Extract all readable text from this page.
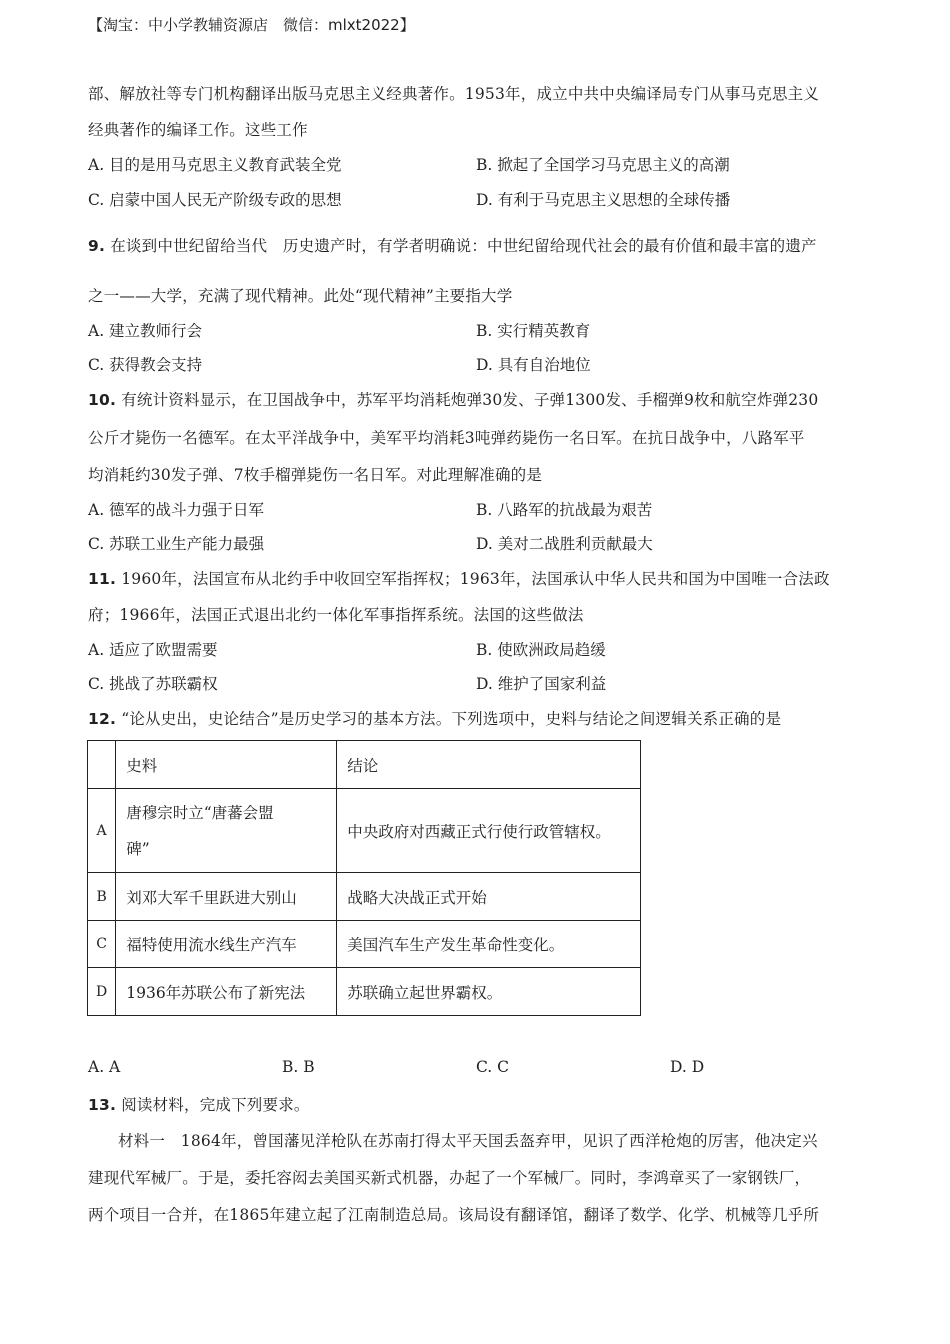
【淘宝：中小学教辅资源店　微信：mlxt2022】
部、解放社等专门机构翻译出版马克思主义经典著作。1953年，成立中共中央编译局专门从事马克思主义
经典著作的编译工作。这些工作
A. 目的是用马克思主义教育武装全党	B. 掀起了全国学习马克思主义的高潮
C. 启蒙中国人民无产阶级专政的思想	D. 有利于马克思主义思想的全球传播
9. 在谈到中世纪留给当代　历史遗产时，有学者明确说：中世纪留给现代社会的最有价值和最丰富的遗产
之一——大学，充满了现代精神。此处“现代精神”主要指大学
A. 建立教师行会	B. 实行精英教育
C. 获得教会支持	D. 具有自治地位
10. 有统计资料显示，在卫国战争中，苏军平均消耗炮弹30发、子弹1300发、手榴弹9枚和航空炸弹230
公斤才毙伤一名德军。在太平洋战争中，美军平均消耗3吨弹药毙伤一名日军。在抗日战争中，八路军平
均消耗约30发子弹、7枚手榴弹毙伤一名日军。对此理解准确的是
A. 德军的战斗力强于日军	B. 八路军的抗战最为艰苦
C. 苏联工业生产能力最强	D. 美对二战胜利贡献最大
11. 1960年，法国宣布从北约手中收回空军指挥权；1963年，法国承认中华人民共和国为中国唯一合法政
府；1966年，法国正式退出北约一体化军事指挥系统。法国的这些做法
A. 适应了欧盟需要	B. 使欧洲政局趋缓
C. 挑战了苏联霸权	D. 维护了国家利益
12. “论从史出，史论结合”是历史学习的基本方法。下列选项中，史料与结论之间逻辑关系正确的是
	史料	结论
A	唐穆宗时立“唐蕃会盟
碑”	中央政府对西藏正式行使行政管辖权。
B	刘邓大军千里跃进大别山	战略大决战正式开始
C	福特使用流水线生产汽车	美国汽车生产发生革命性变化。
D	1936年苏联公布了新宪法	苏联确立起世界霸权。
A. A	B. B	C. C	D. D
13. 阅读材料，完成下列要求。
材料一　1864年，曾国藩见洋枪队在苏南打得太平天国丢盔弃甲，见识了西洋枪炮的厉害，他决定兴
建现代军械厂。于是，委托容闳去美国买新式机器，办起了一个军械厂。同时，李鸿章买了一家钢铁厂，
两个项目一合并，在1865年建立起了江南制造总局。该局设有翻译馆，翻译了数学、化学、机械等几乎所
